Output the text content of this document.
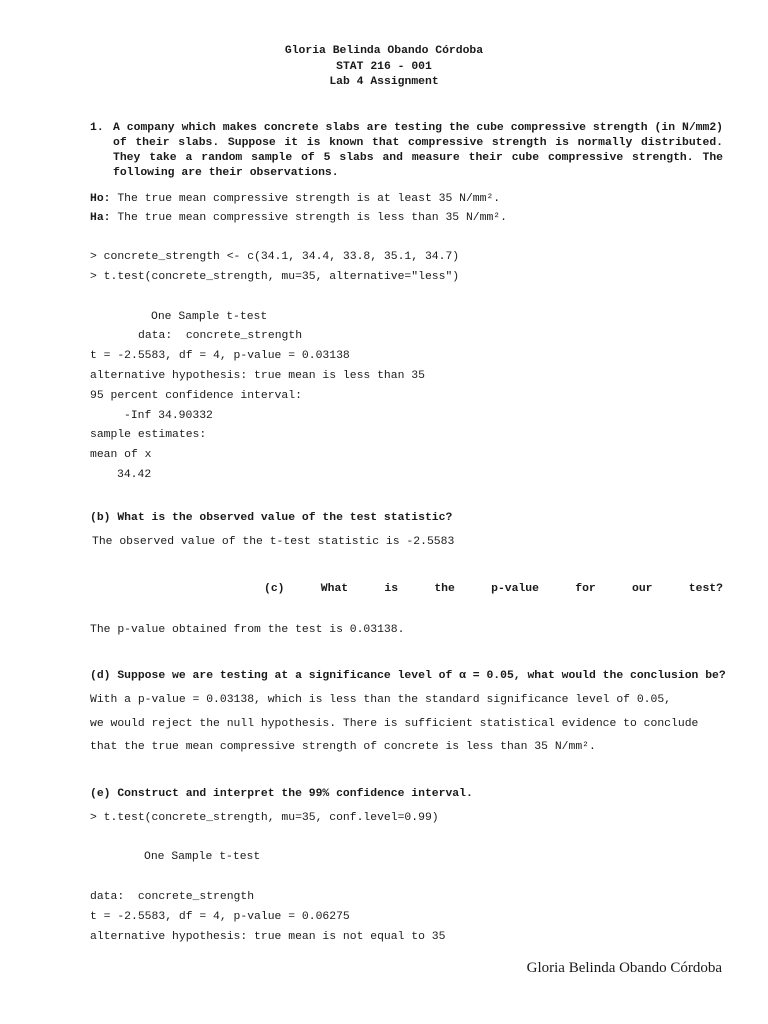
Gloria Belinda Obando Córdoba
STAT 216 - 001
Lab 4 Assignment
1. A company which makes concrete slabs are testing the cube compressive strength (in N/mm2) of their slabs. Suppose it is known that compressive strength is normally distributed. They take a random sample of 5 slabs and measure their cube compressive strength. The following are their observations.
Ho: The true mean compressive strength is at least 35 N/mm².
Ha: The true mean compressive strength is less than 35 N/mm².
> concrete_strength <- c(34.1, 34.4, 33.8, 35.1, 34.7)
> t.test(concrete_strength, mu=35, alternative="less")
One Sample t-test
data:  concrete_strength
t = -2.5583, df = 4, p-value = 0.03138
alternative hypothesis: true mean is less than 35
95 percent confidence interval:
-Inf 34.90332
sample estimates:
mean of x
34.42
(b) What is the observed value of the test statistic?
The observed value of the t-test statistic is -2.5583
(c)	What	is	the	p-value	for	our	test?
The p-value obtained from the test is 0.03138.
(d) Suppose we are testing at a significance level of α = 0.05, what would the conclusion be?
With a p-value = 0.03138, which is less than the standard significance level of 0.05,
we would reject the null hypothesis. There is sufficient statistical evidence to conclude
that the true mean compressive strength of concrete is less than 35 N/mm².
(e) Construct and interpret the 99% confidence interval.
> t.test(concrete_strength, mu=35, conf.level=0.99)
One Sample t-test
data:  concrete_strength
t = -2.5583, df = 4, p-value = 0.06275
alternative hypothesis: true mean is not equal to 35
Gloria Belinda Obando Córdoba
